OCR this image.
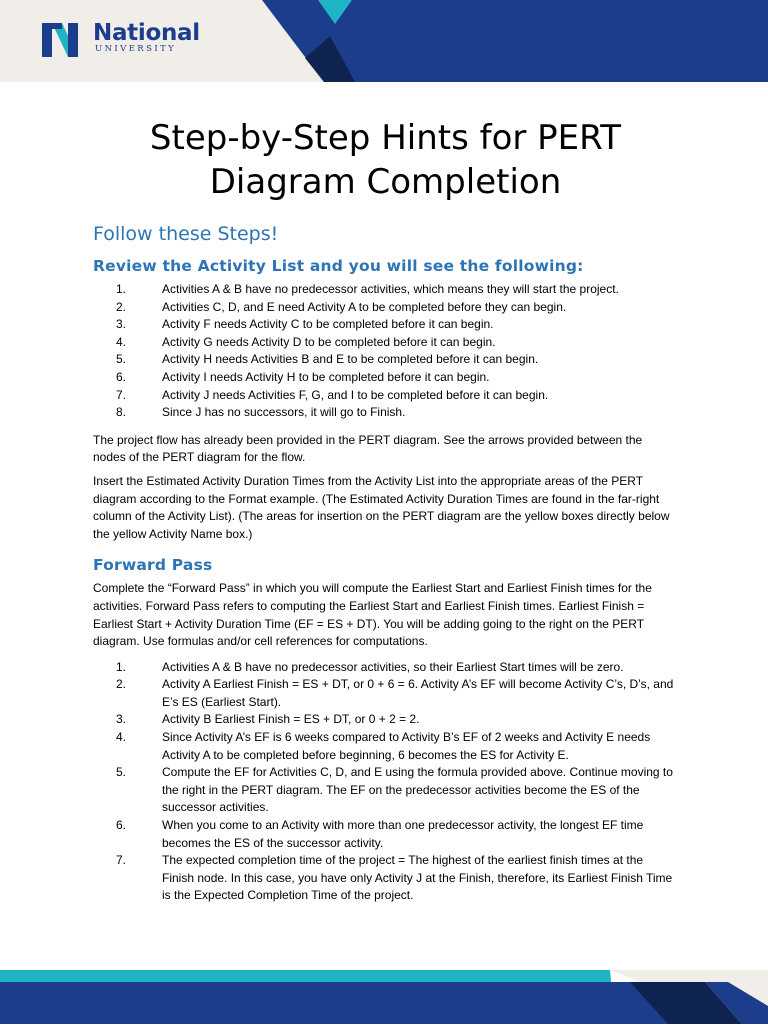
National
UNIVERSITY
Step-by-Step Hints for PERT
Diagram Completion
Follow these Steps!
Review the Activity List and you will see the following:
1.	Activities A & B have no predecessor activities, which means they will start the project.
2.	Activities C, D, and E need Activity A to be completed before they can begin.
3.	Activity F needs Activity C to be completed before it can begin.
4.	Activity G needs Activity D to be completed before it can begin.
5.	Activity H needs Activities B and E to be completed before it can begin.
6.	Activity I needs Activity H to be completed before it can begin.
7.	Activity J needs Activities F, G, and I to be completed before it can begin.
8.	Since J has no successors, it will go to Finish.

The project flow has already been provided in the PERT diagram. See the arrows provided between the nodes of the PERT diagram for the flow.

Insert the Estimated Activity Duration Times from the Activity List into the appropriate areas of the PERT diagram according to the Format example. (The Estimated Activity Duration Times are found in the far-right column of the Activity List). (The areas for insertion on the PERT diagram are the yellow boxes directly below the yellow Activity Name box.)

Forward Pass

Complete the “Forward Pass” in which you will compute the Earliest Start and Earliest Finish times for the activities. Forward Pass refers to computing the Earliest Start and Earliest Finish times. Earliest Finish = Earliest Start + Activity Duration Time (EF = ES + DT). You will be adding going to the right on the PERT diagram. Use formulas and/or cell references for computations.

1.	Activities A & B have no predecessor activities, so their Earliest Start times will be zero.
2.	Activity A Earliest Finish = ES + DT, or 0 + 6 = 6. Activity A’s EF will become Activity C’s, D’s, and E’s ES (Earliest Start).
3.	Activity B Earliest Finish = ES + DT, or 0 + 2 = 2.
4.	Since Activity A’s EF is 6 weeks compared to Activity B’s EF of 2 weeks and Activity E needs Activity A to be completed before beginning, 6 becomes the ES for Activity E.
5.	Compute the EF for Activities C, D, and E using the formula provided above. Continue moving to the right in the PERT diagram. The EF on the predecessor activities become the ES of the successor activities.
6.	When you come to an Activity with more than one predecessor activity, the longest EF time becomes the ES of the successor activity.
7.	The expected completion time of the project = The highest of the earliest finish times at the Finish node. In this case, you have only Activity J at the Finish, therefore, its Earliest Finish Time is the Expected Completion Time of the project.
